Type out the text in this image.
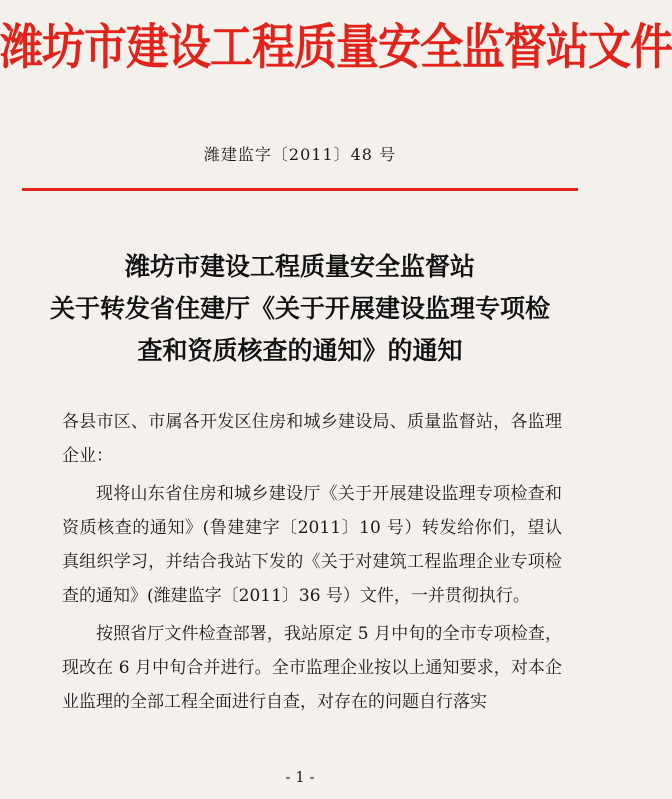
潍坊市建设工程质量安全监督站文件
潍建监字〔2011〕48 号
潍坊市建设工程质量安全监督站
关于转发省住建厅《关于开展建设监理专项检
查和资质核查的通知》的通知

各县市区、市属各开发区住房和城乡建设局、质量监督站，各监理企业：

现将山东省住房和城乡建设厅《关于开展建设监理专项检查和资质核查的通知》(鲁建建字〔2011〕10 号）转发给你们，望认真组织学习，并结合我站下发的《关于对建筑工程监理企业专项检查的通知》(潍建监字〔2011〕36 号）文件，一并贯彻执行。

按照省厅文件检查部署，我站原定 5 月中旬的全市专项检查，现改在 6 月中旬合并进行。全市监理企业按以上通知要求，对本企业监理的全部工程全面进行自查，对存在的问题自行落实

- 1 -
